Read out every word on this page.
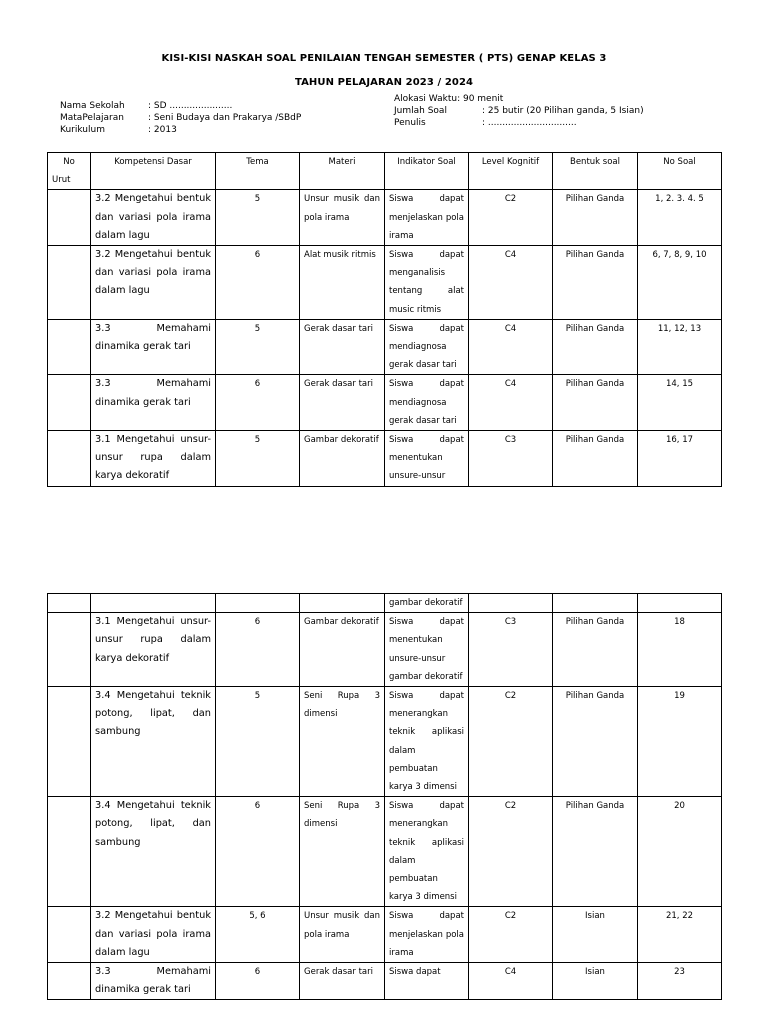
KISI-KISI NASKAH SOAL PENILAIAN TENGAH SEMESTER ( PTS) GENAP KELAS 3
TAHUN PELAJARAN 2023 / 2024
Nama Sekolah	: SD ......................
MataPelajaran	: Seni Budaya dan Prakarya /SBdP
Kurikulum	: 2013
Alokasi Waktu : 90 menit
Jumlah Soal	: 25 butir (20 Pilihan ganda, 5 Isian)
Penulis	: ...............................
No
Urut	Kompetensi Dasar	Tema	Materi	Indikator Soal	Level Kognitif	Bentuk soal	No Soal
	3.2 Mengetahui bentuk dan variasi pola irama dalam lagu	5	Unsur musik dan pola irama	Siswa dapat menjelaskan pola irama	C2	Pilihan Ganda	1, 2. 3. 4. 5
	3.2 Mengetahui bentuk dan variasi pola irama dalam lagu	6	Alat musik ritmis	Siswa dapat menganalisis tentang alat music ritmis	C4	Pilihan Ganda	6, 7, 8, 9, 10
	3.3 Memahami dinamika gerak tari	5	Gerak dasar tari	Siswa dapat mendiagnosa gerak dasar tari	C4	Pilihan Ganda	11, 12, 13
	3.3 Memahami dinamika gerak tari	6	Gerak dasar tari	Siswa dapat mendiagnosa gerak dasar tari	C4	Pilihan Ganda	14, 15
	3.1 Mengetahui unsur-unsur rupa dalam karya dekoratif	5	Gambar dekoratif	Siswa dapat menentukan unsure-unsur	C3	Pilihan Ganda	16, 17
				gambar dekoratif			
	3.1 Mengetahui unsur-unsur rupa dalam karya dekoratif	6	Gambar dekoratif	Siswa dapat menentukan unsure-unsur gambar dekoratif	C3	Pilihan Ganda	18
	3.4 Mengetahui teknik potong, lipat, dan sambung	5	Seni Rupa 3 dimensi	Siswa dapat menerangkan teknik aplikasi dalam pembuatan karya 3 dimensi	C2	Pilihan Ganda	19
	3.4 Mengetahui teknik potong, lipat, dan sambung	6	Seni Rupa 3 dimensi	Siswa dapat menerangkan teknik aplikasi dalam pembuatan karya 3 dimensi	C2	Pilihan Ganda	20
	3.2 Mengetahui bentuk dan variasi pola irama dalam lagu	5, 6	Unsur musik dan pola irama	Siswa dapat menjelaskan pola irama	C2	Isian	21, 22
	3.3 Memahami dinamika gerak tari	6	Gerak dasar tari	Siswa dapat	C4	Isian	23
